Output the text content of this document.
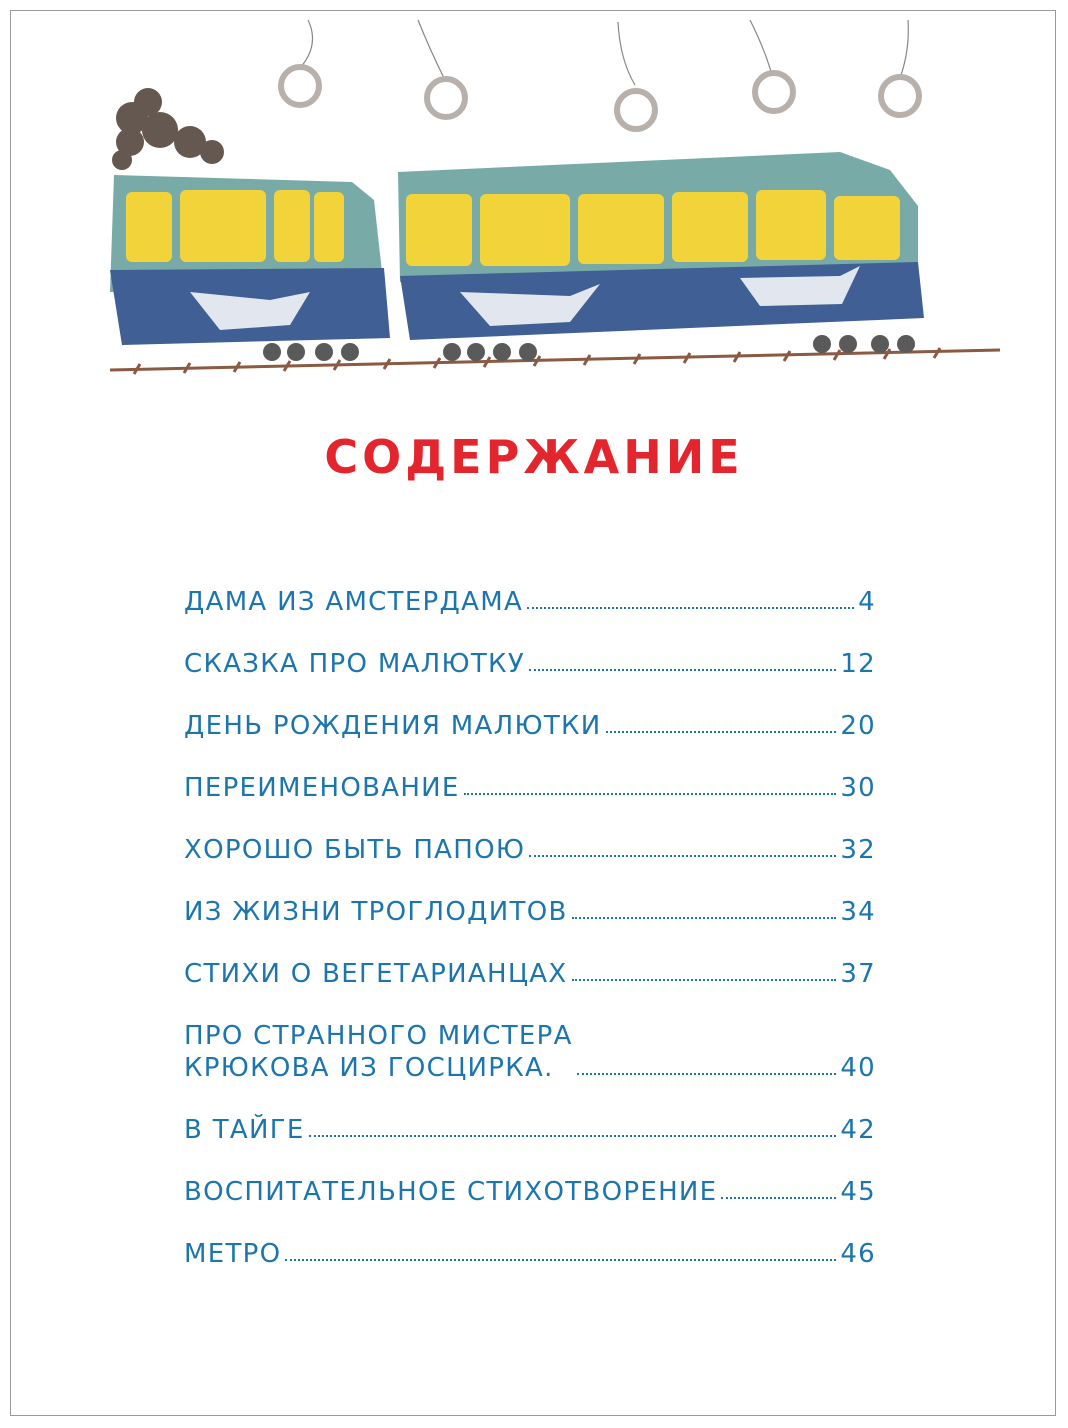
СОДЕРЖАНИЕ
ДАМА ИЗ АМСТЕРДАМА	4
СКАЗКА ПРО МАЛЮТКУ	12
ДЕНЬ РОЖДЕНИЯ МАЛЮТКИ	20
ПЕРЕИМЕНОВАНИЕ	30
ХОРОШО БЫТЬ ПАПОЮ	32
ИЗ ЖИЗНИ ТРОГЛОДИТОВ	34
СТИХИ О ВЕГЕТАРИАНЦАХ	37
ПРО СТРАННОГО МИСТЕРА
КРЮКОВА ИЗ ГОСЦИРКА.	40
В ТАЙГЕ	42
ВОСПИТАТЕЛЬНОЕ СТИХОТВОРЕНИЕ	45
МЕТРО	46
